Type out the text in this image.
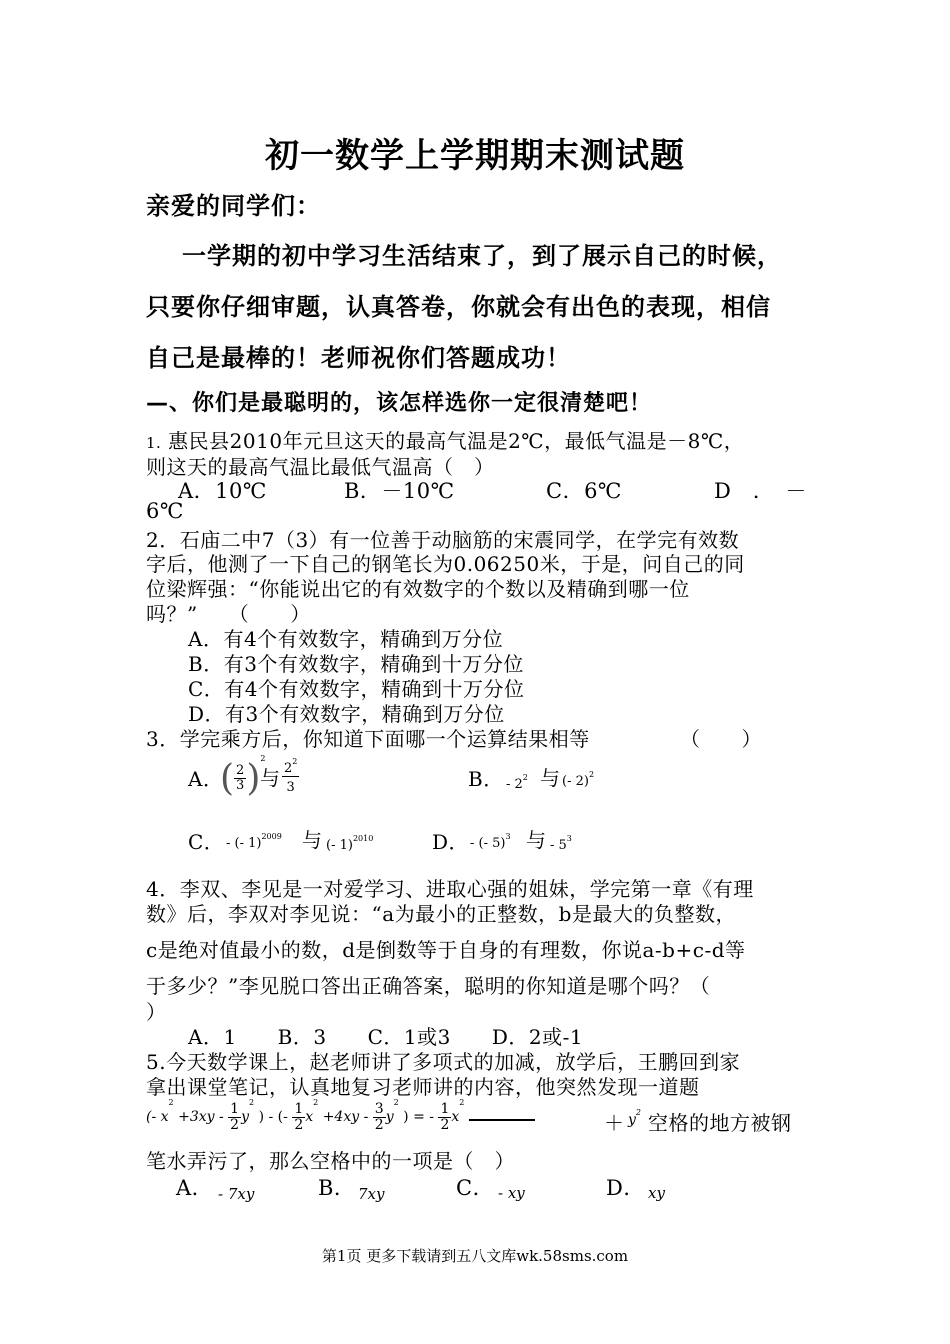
初一数学上学期期末测试题
亲爱的同学们：
一学期的初中学习生活结束了，到了展示自己的时候，
只要你仔细审题，认真答卷，你就会有出色的表现，相信
自己是最棒的！老师祝你们答题成功！
—、你们是最聪明的，该怎样选你一定很清楚吧！
1. 惠民县2010年元旦这天的最高气温是2℃，最低气温是－8℃，
则这天的最高气温比最低气温高（　）
A．10℃	B．－10℃	C．6℃	D　．　－
6℃
2．石庙二中7（3）有一位善于动脑筋的宋震同学，在学完有效数
字后，他测了一下自己的钢笔长为0.06250米，于是，问自己的同
位梁辉强：“你能说出它的有效数字的个数以及精确到哪一位
吗？”　　（　　）
A．有4个有效数字，精确到万分位
B．有3个有效数字，精确到十万分位
C．有4个有效数字，精确到十万分位
D．有3个有效数字，精确到万分位
3．学完乘方后，你知道下面哪一个运算结果相等	（　　）
A．
( $\frac{2}{3} )^2$
与 $\frac{2^2}{3}$	B． - $2^2$ 与 (- 2)$^2$
C． - (- 1)$^{2009}$ 与 (- 1)$^{2010}$	D． - (- 5)$^3$ 与 - $5^3$
4．李双、李见是一对爱学习、进取心强的姐妹，学完第一章《有理
数》后，李双对李见说：“a为最小的正整数，b是最大的负整数，
c是绝对值最小的数，d是倒数等于自身的有理数，你说a-b+c-d等
于多少？”李见脱口答出正确答案，聪明的你知道是哪个吗？（
）
A．1　　B．3　　C．1或3　　D．2或-1
5.今天数学课上，赵老师讲了多项式的加减，放学后，王鹏回到家
拿出课堂笔记，认真地复习老师讲的内容，他突然发现一道题
(- $x^2 +3xy - \frac{1}{2} y^2$ ) - (- $\frac{1}{2} x^2 +4xy - \frac{3}{2} y^2$ ) = - $\frac{1}{2} x^2$
＋ $y^2$ 空格的地方被钢
笔水弄污了，那么空格中的一项是（　）
A． - 7xy	B． 7xy	C． - xy	D． xy
第1页 更多下载请到五八文库wk.58sms.com
